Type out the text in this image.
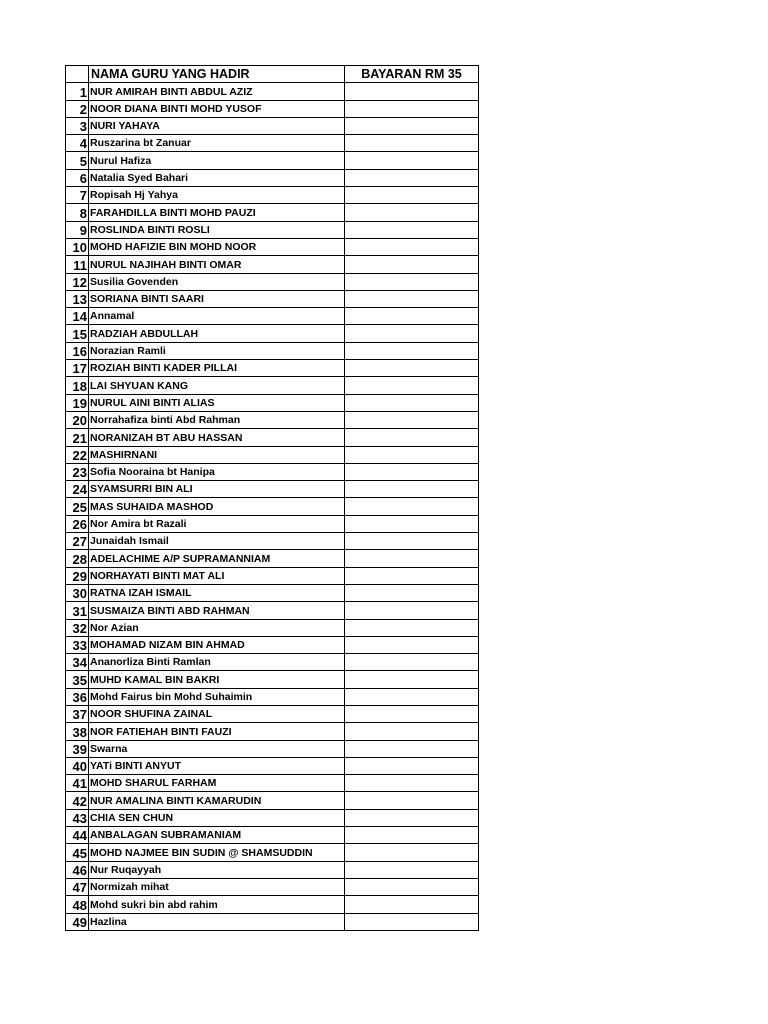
	NAMA GURU YANG HADIR	BAYARAN RM 35
1	NUR AMIRAH BINTI ABDUL AZIZ	
2	NOOR DIANA BINTI MOHD YUSOF	
3	NURI YAHAYA	
4	Ruszarina bt Zanuar	
5	Nurul Hafiza	
6	Natalia Syed Bahari	
7	Ropisah Hj Yahya	
8	FARAHDILLA BINTI MOHD PAUZI	
9	ROSLINDA BINTI ROSLI	
10	MOHD HAFIZIE BIN MOHD NOOR	
11	NURUL NAJIHAH BINTI OMAR	
12	Susilia Govenden	
13	SORIANA BINTI SAARI	
14	Annamal	
15	RADZIAH ABDULLAH	
16	Norazian Ramli	
17	ROZIAH BINTI KADER PILLAI	
18	LAI SHYUAN KANG	
19	NURUL AINI BINTI ALIAS	
20	Norrahafiza binti Abd Rahman	
21	NORANIZAH BT ABU HASSAN	
22	MASHIRNANI	
23	Sofia Nooraina bt Hanipa	
24	SYAMSURRI BIN ALI	
25	MAS SUHAIDA MASHOD	
26	Nor Amira bt Razali	
27	Junaidah Ismail	
28	ADELACHIME A/P SUPRAMANNIAM	
29	NORHAYATI BINTI MAT ALI	
30	RATNA IZAH ISMAIL	
31	SUSMAIZA BINTI ABD RAHMAN	
32	Nor Azian	
33	MOHAMAD NIZAM BIN AHMAD	
34	Ananorliza Binti Ramlan	
35	MUHD KAMAL BIN BAKRI	
36	Mohd Fairus bin Mohd Suhaimin	
37	NOOR SHUFINA ZAINAL	
38	NOR FATIEHAH BINTI FAUZI	
39	Swarna	
40	YATi BINTI ANYUT	
41	MOHD SHARUL FARHAM	
42	NUR AMALINA BINTI KAMARUDIN	
43	CHIA SEN CHUN	
44	ANBALAGAN SUBRAMANIAM	
45	MOHD NAJMEE BIN SUDIN @ SHAMSUDDIN	
46	Nur Ruqayyah	
47	Normizah mihat	
48	Mohd sukri bin abd rahim	
49	Hazlina	
